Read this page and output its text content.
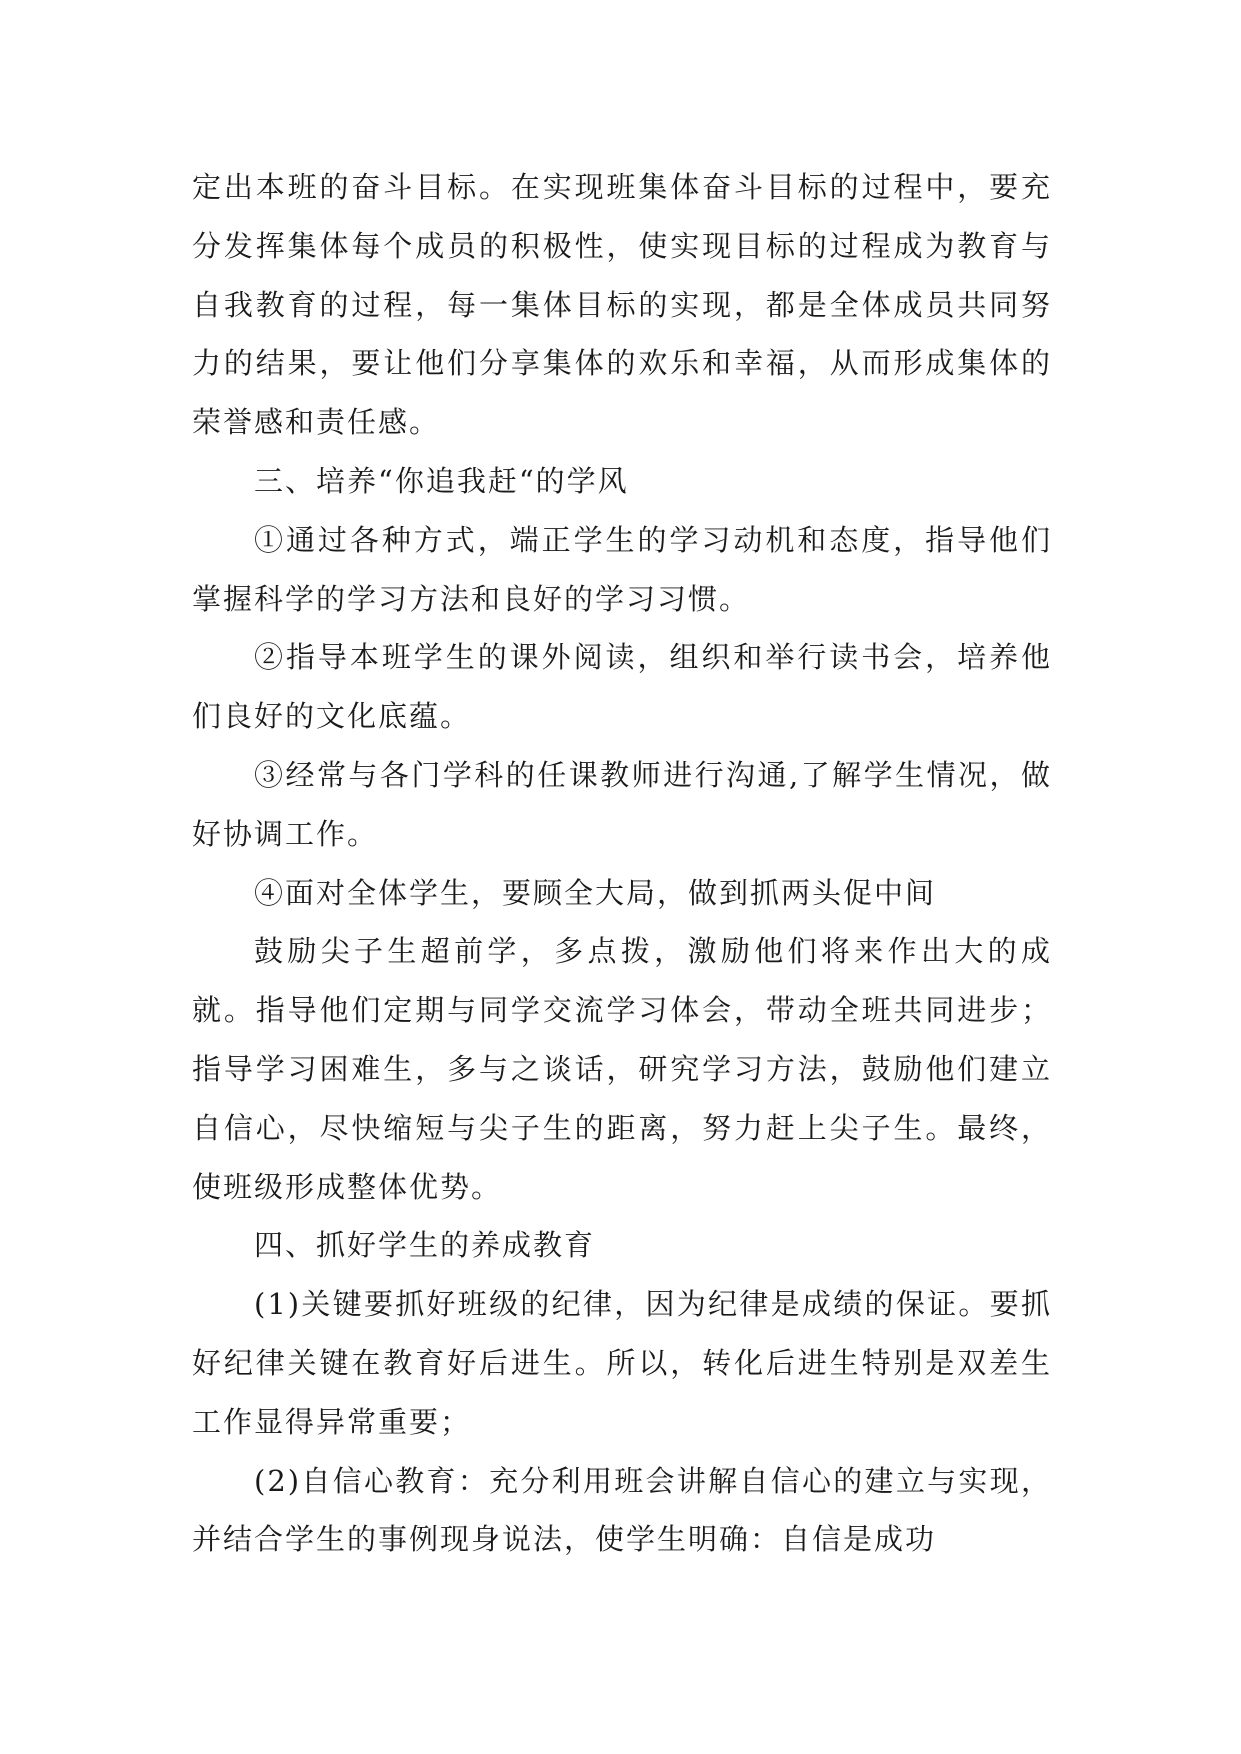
定出本班的奋斗目标。在实现班集体奋斗目标的过程中，要充分发挥集体每个成员的积极性，使实现目标的过程成为教育与自我教育的过程，每一集体目标的实现，都是全体成员共同努力的结果，要让他们分享集体的欢乐和幸福，从而形成集体的荣誉感和责任感。

三、培养“你追我赶“的学风

①通过各种方式，端正学生的学习动机和态度，指导他们掌握科学的学习方法和良好的学习习惯。

②指导本班学生的课外阅读，组织和举行读书会，培养他们良好的文化底蕴。

③经常与各门学科的任课教师进行沟通,了解学生情况，做好协调工作。

④面对全体学生，要顾全大局，做到抓两头促中间

鼓励尖子生超前学，多点拨，激励他们将来作出大的成就。指导他们定期与同学交流学习体会，带动全班共同进步；指导学习困难生，多与之谈话，研究学习方法，鼓励他们建立自信心，尽快缩短与尖子生的距离，努力赶上尖子生。最终，使班级形成整体优势。

四、抓好学生的养成教育

(1)关键要抓好班级的纪律，因为纪律是成绩的保证。要抓好纪律关键在教育好后进生。所以，转化后进生特别是双差生工作显得异常重要；

(2)自信心教育：充分利用班会讲解自信心的建立与实现，并结合学生的事例现身说法，使学生明确：自信是成功
